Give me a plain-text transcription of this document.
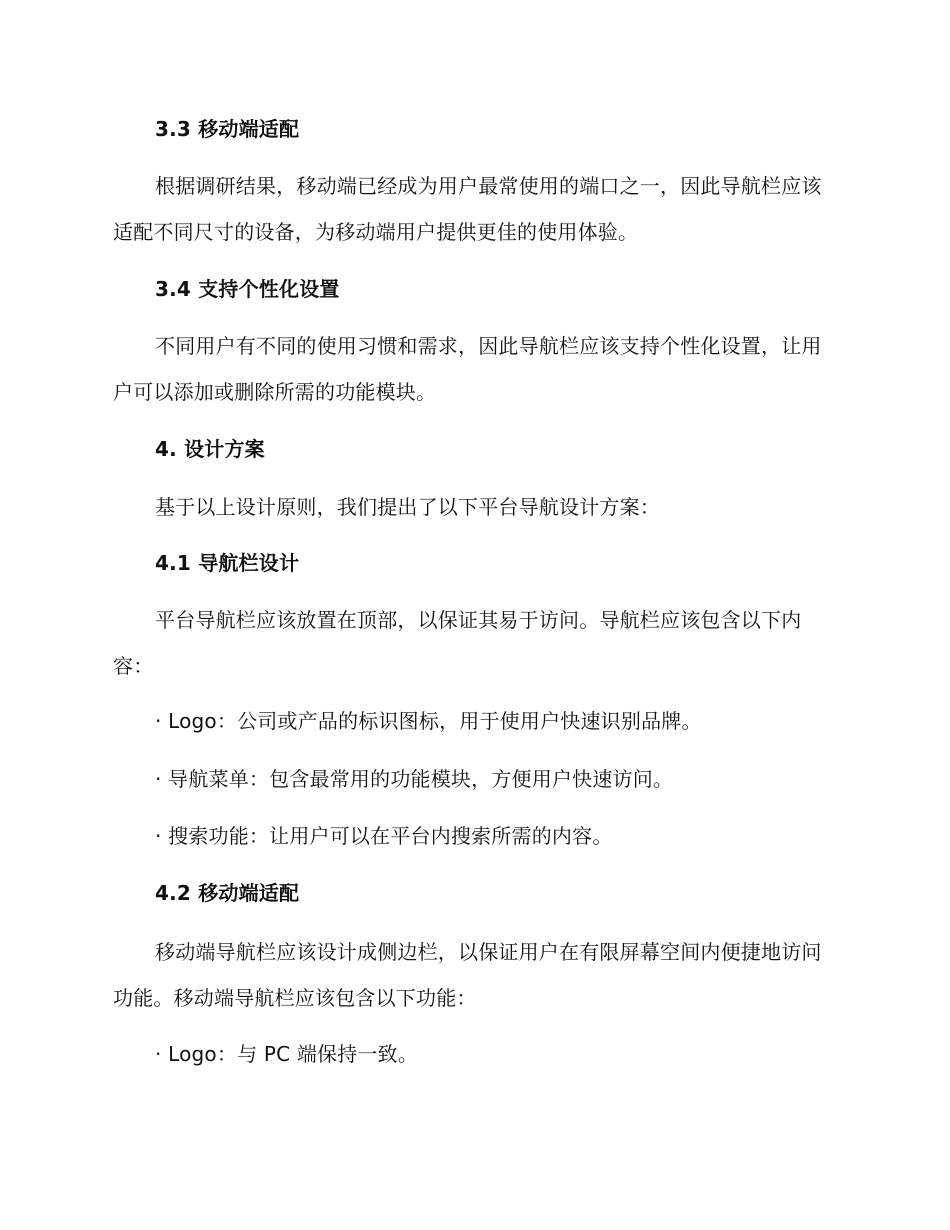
3.3 移动端适配
根据调研结果，移动端已经成为用户最常使用的端口之一，因此导航栏应该适配不同尺寸的设备，为移动端用户提供更佳的使用体验。
3.4 支持个性化设置
不同用户有不同的使用习惯和需求，因此导航栏应该支持个性化设置，让用户可以添加或删除所需的功能模块。
4. 设计方案
基于以上设计原则，我们提出了以下平台导航设计方案：
4.1 导航栏设计
平台导航栏应该放置在顶部，以保证其易于访问。导航栏应该包含以下内容：
· Logo：公司或产品的标识图标，用于使用户快速识别品牌。
· 导航菜单：包含最常用的功能模块，方便用户快速访问。
· 搜索功能：让用户可以在平台内搜索所需的内容。
4.2 移动端适配
移动端导航栏应该设计成侧边栏，以保证用户在有限屏幕空间内便捷地访问功能。移动端导航栏应该包含以下功能：
· Logo：与 PC 端保持一致。
